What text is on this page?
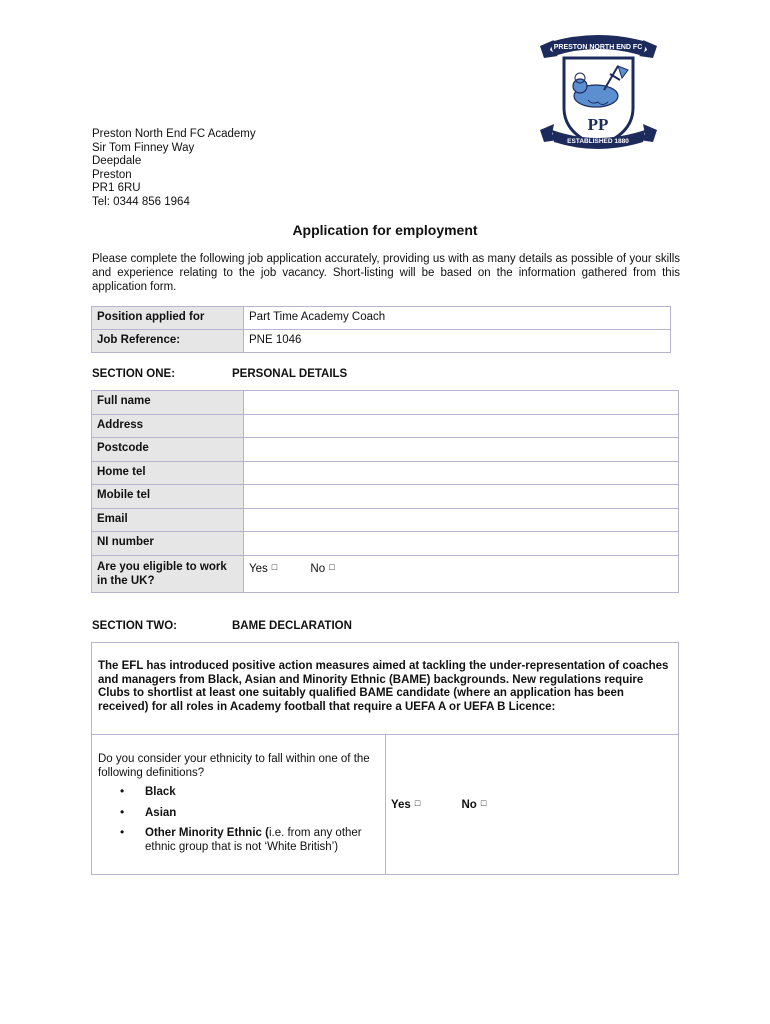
PRESTON NORTH END FC
PP
ESTABLISHED 1880
Preston North End FC Academy
Sir Tom Finney Way
Deepdale
Preston
PR1 6RU
Tel: 0344 856 1964
Application for employment

Please complete the following job application accurately, providing us with as many details as possible of your skills and experience relating to the job vacancy. Short-listing will be based on the information gathered from this application form.

Position applied for	Part Time Academy Coach
Job Reference:	PNE 1046
SECTION ONE:	PERSONAL DETAILS
Full name	
Address	
Postcode	
Home tel	
Mobile tel	
Email	
NI number	
Are you eligible to work in the UK?	Yes □ No □
SECTION TWO:	BAME DECLARATION
The EFL has introduced positive action measures aimed at tackling the under-representation of coaches and managers from Black, Asian and Minority Ethnic (BAME) backgrounds. New regulations require Clubs to shortlist at least one suitably qualified BAME candidate (where an application has been received) for all roles in Academy football that require a UEFA A or UEFA B Licence:

Do you consider your ethnicity to fall within one of the following definitions?
• Black
• Asian
• Other Minority Ethnic (i.e. from any other ethnic group that is not ‘White British’)
	Yes □	No □
